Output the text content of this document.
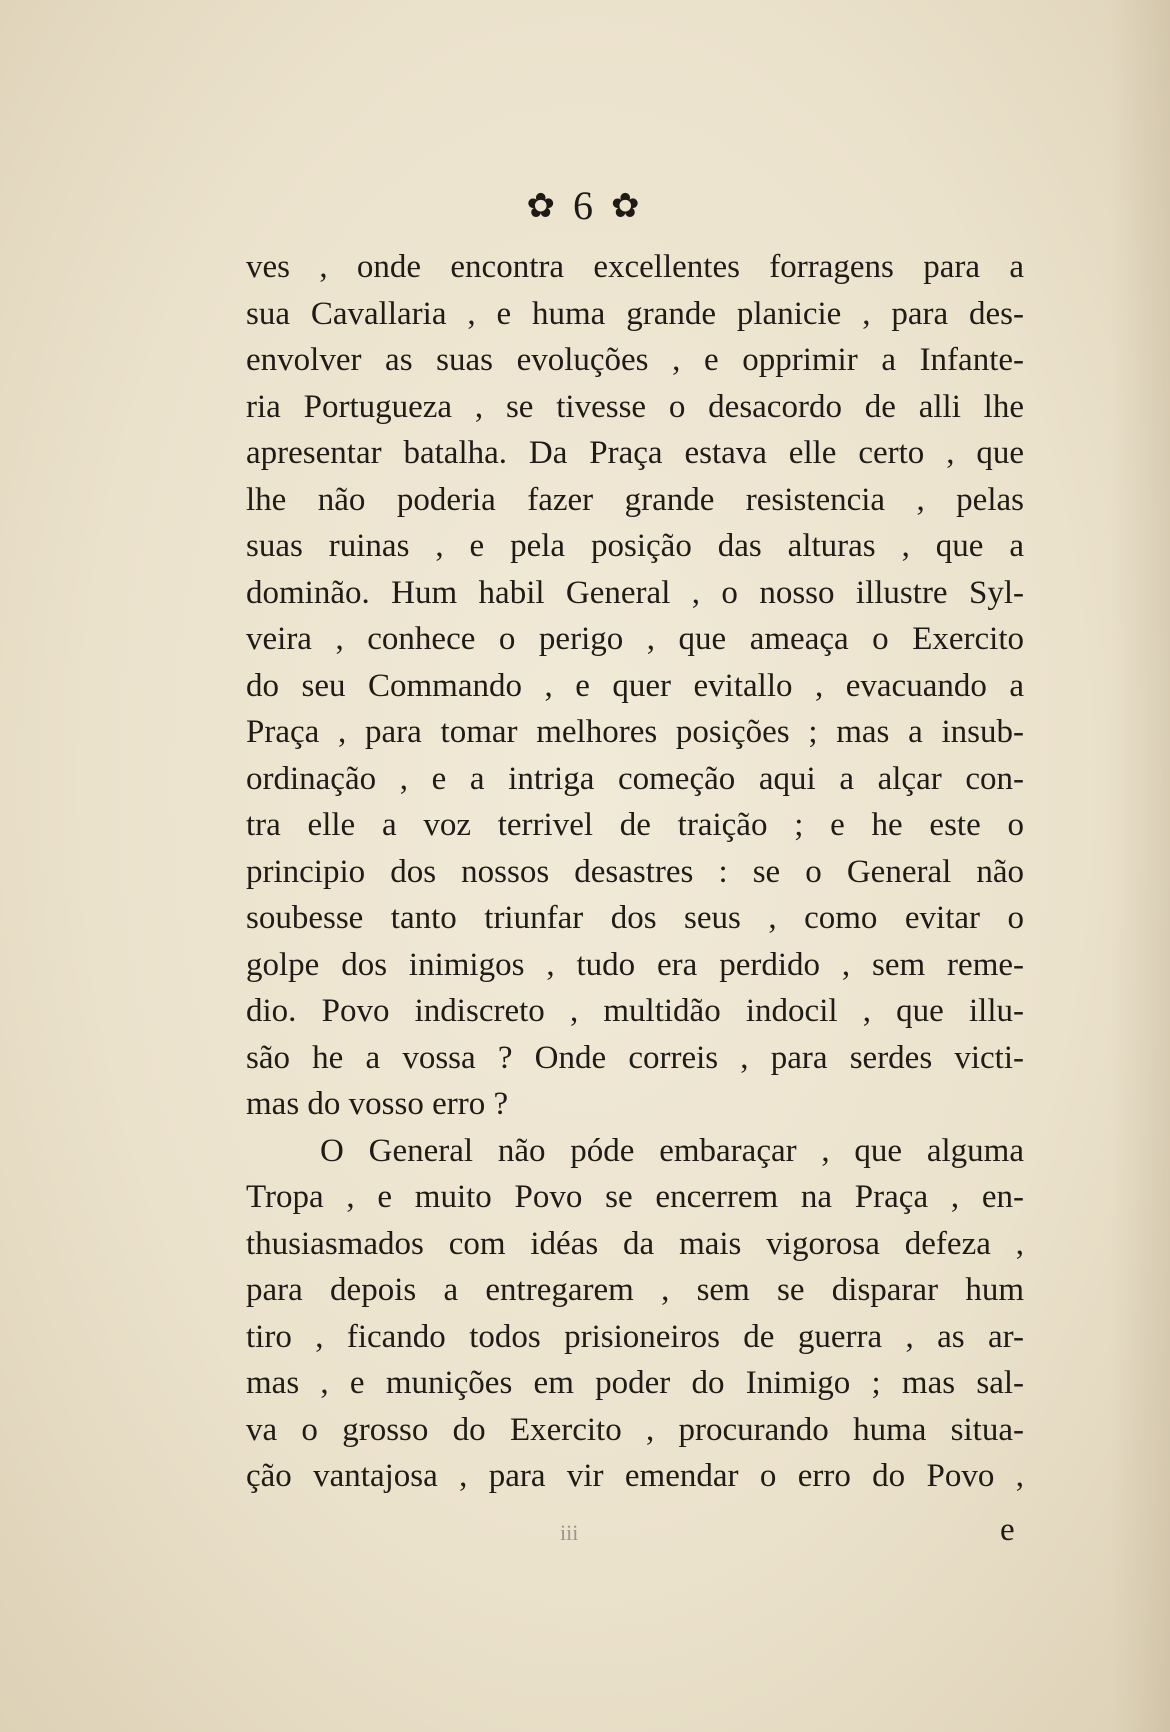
✿ 6 ✿
ves , onde encontra excellentes forragens para a
sua Cavallaria , e huma grande planicie , para des-
envolver as suas evoluções , e opprimir a Infante-
ria Portugueza , se tivesse o desacordo de alli lhe
apresentar batalha. Da Praça estava elle certo , que
lhe não poderia fazer grande resistencia , pelas
suas ruinas , e pela posição das alturas , que a
dominão. Hum habil General , o nosso illustre Syl-
veira , conhece o perigo , que ameaça o Exercito
do seu Commando , e quer evitallo , evacuando a
Praça , para tomar melhores posições ; mas a insub-
ordinação , e a intriga começão aqui a alçar con-
tra elle a voz terrivel de traição ; e he este o
principio dos nossos desastres : se o General não
soubesse tanto triunfar dos seus , como evitar o
golpe dos inimigos , tudo era perdido , sem reme-
dio. Povo indiscreto , multidão indocil , que illu-
são he a vossa ? Onde correis , para serdes victi-
mas do vosso erro ?
O General não póde embaraçar , que alguma
Tropa , e muito Povo se encerrem na Praça , en-
thusiasmados com idéas da mais vigorosa defeza ,
para depois a entregarem , sem se disparar hum
tiro , ficando todos prisioneiros de guerra , as ar-
mas , e munições em poder do Inimigo ; mas sal-
va o grosso do Exercito , procurando huma situa-
ção vantajosa , para vir emendar o erro do Povo ,
iii	e
